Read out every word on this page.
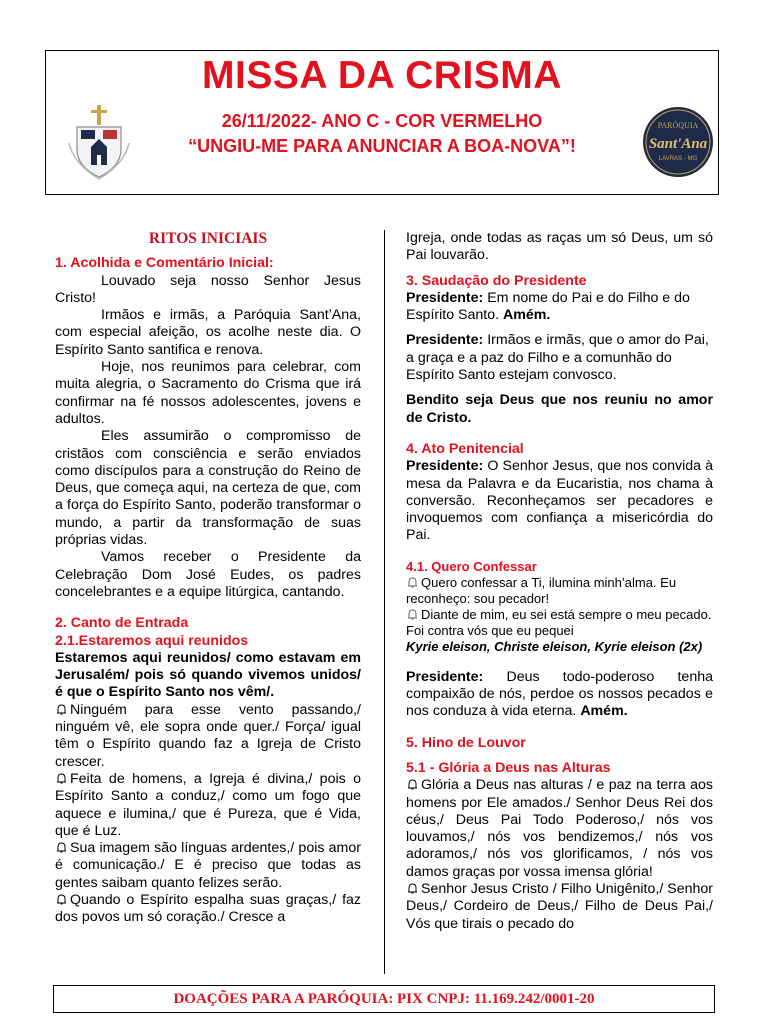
MISSA DA CRISMA
26/11/2022- ANO C - COR VERMELHO
“UNGIU-ME PARA ANUNCIAR A BOA-NOVA”!
PARÓQUIA
Sant'Ana
LAVRAS - MG
RITOS INICIAIS

1. Acolhida e Comentário Inicial:

Louvado seja nosso Senhor Jesus Cristo!

Irmãos e irmãs, a Paróquia Sant’Ana, com especial afeição, os acolhe neste dia. O Espírito Santo santifica e renova.

Hoje, nos reunimos para celebrar, com muita alegria, o Sacramento do Crisma que irá confirmar na fé nossos adolescentes, jovens e adultos.

Eles assumirão o compromisso de cristãos com consciência e serão enviados como discípulos para a construção do Reino de Deus, que começa aqui, na certeza de que, com a força do Espírito Santo, poderão transformar o mundo, a partir da transformação de suas próprias vidas.

Vamos receber o Presidente da Celebração Dom José Eudes, os padres concelebrantes e a equipe litúrgica, cantando.

2. Canto de Entrada

2.1.Estaremos aqui reunidos

Estaremos aqui reunidos/ como estavam em Jerusalém/ pois só quando vivemos unidos/ é que o Espírito Santo nos vêm/.

Ninguém para esse vento passando,/ ninguém vê, ele sopra onde quer./ Força/ igual têm o Espírito quando faz a Igreja de Cristo crescer.

Feita de homens, a Igreja é divina,/ pois o Espírito Santo a conduz,/ como um fogo que aquece e ilumina,/ que é Pureza, que é Vida, que é Luz.

Sua imagem são línguas ardentes,/ pois amor é comunicação./ E é preciso que todas as gentes saibam quanto felizes serão.

Quando o Espírito espalha suas graças,/ faz dos povos um só coração./ Cresce a

Igreja, onde todas as raças um só Deus, um só Pai louvarão.

3. Saudação do Presidente

Presidente: Em nome do Pai e do Filho e do Espírito Santo. Amém.

Presidente: Irmãos e irmãs, que o amor do Pai, a graça e a paz do Filho e a comunhão do Espírito Santo estejam convosco.

Bendito seja Deus que nos reuniu no amor de Cristo.

4. Ato Penitencial

Presidente: O Senhor Jesus, que nos convida à mesa da Palavra e da Eucaristia, nos chama à conversão. Reconheçamos ser pecadores e invoquemos com confiança a misericórdia do Pai.

4.1. Quero Confessar

Quero confessar a Ti, ilumina minh’alma. Eu reconheço: sou pecador!

Diante de mim, eu sei está sempre o meu pecado. Foi contra vós que eu pequei

Kyrie eleison, Christe eleison, Kyrie eleison (2x)

Presidente: Deus todo-poderoso tenha compaixão de nós, perdoe os nossos pecados e nos conduza à vida eterna. Amém.

5. Hino de Louvor

5.1 - Glória a Deus nas Alturas

Glória a Deus nas alturas / e paz na terra aos homens por Ele amados./ Senhor Deus Rei dos céus,/ Deus Pai Todo Poderoso,/ nós vos louvamos,/ nós vos bendizemos,/ nós vos adoramos,/ nós vos glorificamos, / nós vos damos graças por vossa imensa glória!

Senhor Jesus Cristo / Filho Unigênito,/ Senhor Deus,/ Cordeiro de Deus,/ Filho de Deus Pai,/ Vós que tirais o pecado do

DOAÇÕES PARA A PARÓQUIA: PIX CNPJ: 11.169.242/0001-20
